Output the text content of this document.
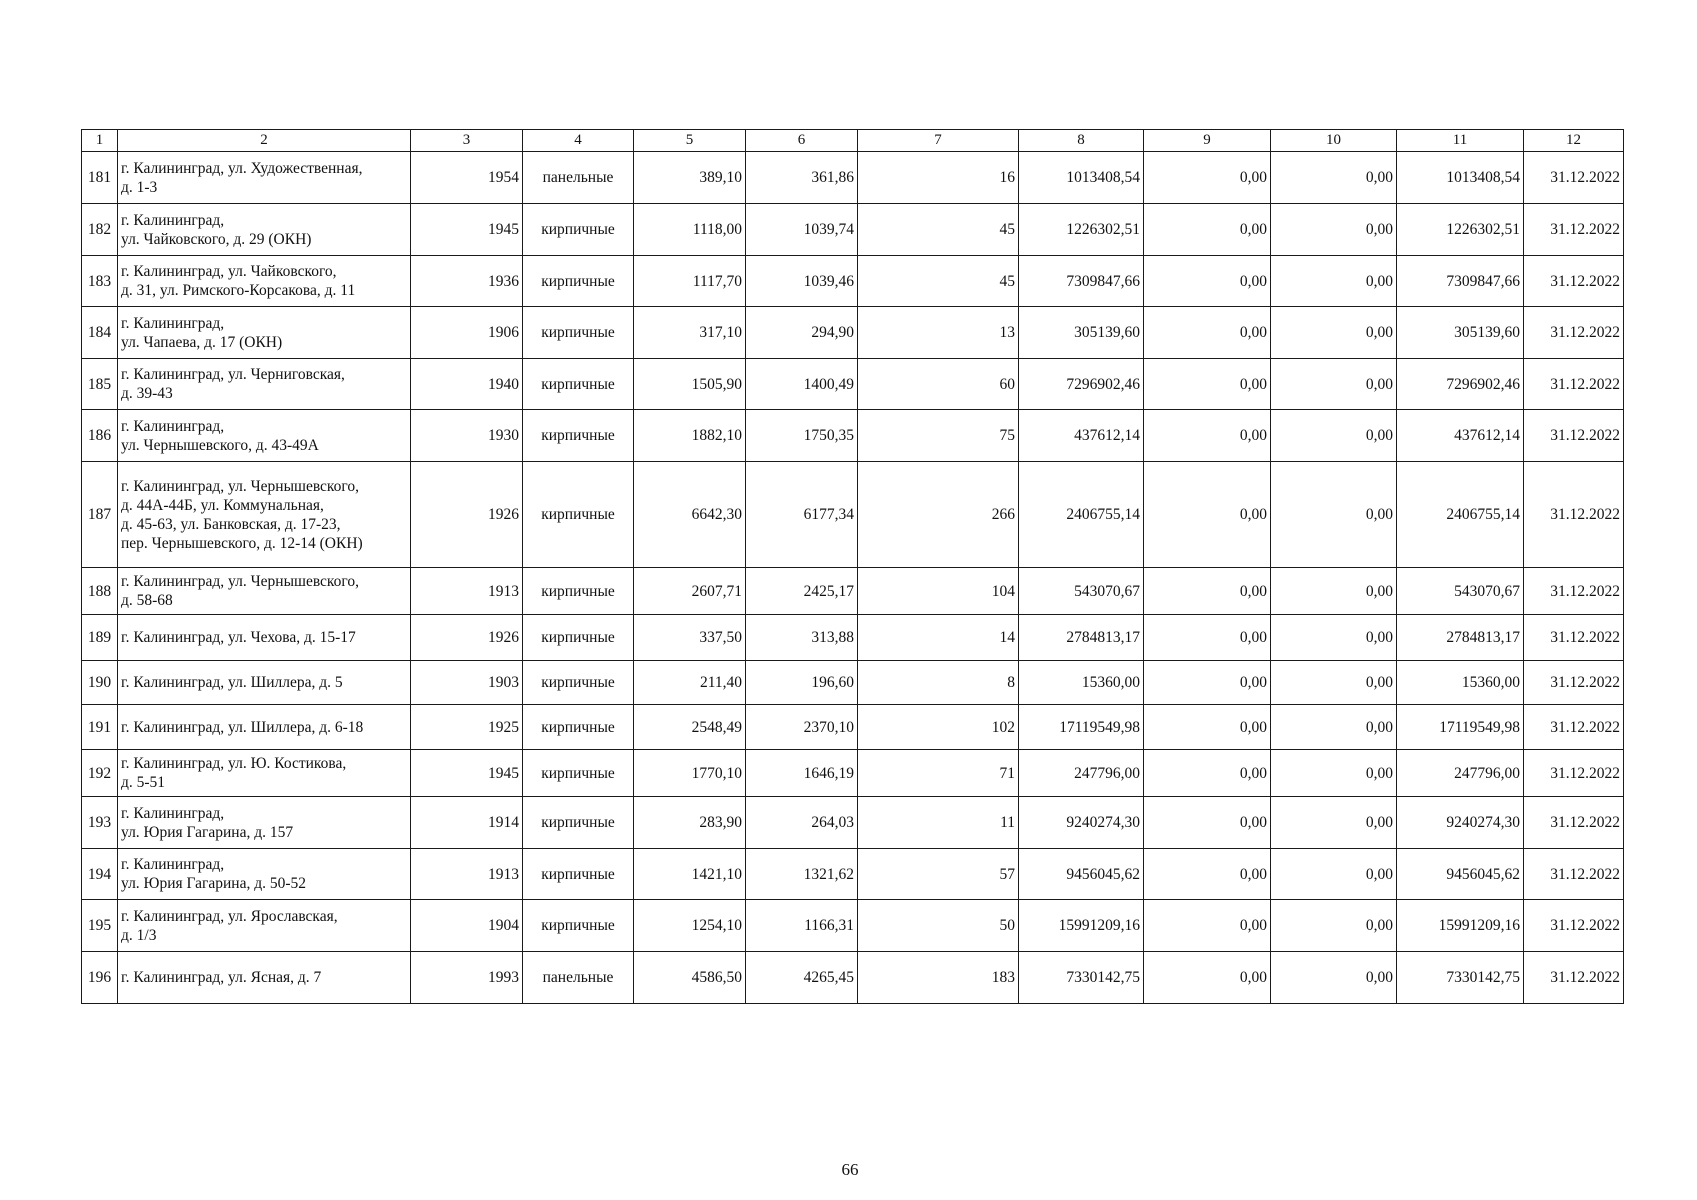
1	2	3	4	5	6	7	8	9	10	11	12
181	г. Калининград, ул. Художественная,
д. 1-3	1954	панельные	389,10	361,86	16	1013408,54	0,00	0,00	1013408,54	31.12.2022
182	г. Калининград,
ул. Чайковского, д. 29 (ОКН)	1945	кирпичные	1118,00	1039,74	45	1226302,51	0,00	0,00	1226302,51	31.12.2022
183	г. Калининград, ул. Чайковского,
д. 31, ул. Римского-Корсакова, д. 11	1936	кирпичные	1117,70	1039,46	45	7309847,66	0,00	0,00	7309847,66	31.12.2022
184	г. Калининград,
ул. Чапаева, д. 17 (ОКН)	1906	кирпичные	317,10	294,90	13	305139,60	0,00	0,00	305139,60	31.12.2022
185	г. Калининград, ул. Черниговская,
д. 39-43	1940	кирпичные	1505,90	1400,49	60	7296902,46	0,00	0,00	7296902,46	31.12.2022
186	г. Калининград,
ул. Чернышевского, д. 43-49А	1930	кирпичные	1882,10	1750,35	75	437612,14	0,00	0,00	437612,14	31.12.2022
187	г. Калининград, ул. Чернышевского,
д. 44А-44Б, ул. Коммунальная,
д. 45-63, ул. Банковская, д. 17-23,
пер. Чернышевского, д. 12-14 (ОКН)	1926	кирпичные	6642,30	6177,34	266	2406755,14	0,00	0,00	2406755,14	31.12.2022
188	г. Калининград, ул. Чернышевского,
д. 58-68	1913	кирпичные	2607,71	2425,17	104	543070,67	0,00	0,00	543070,67	31.12.2022
189	г. Калининград, ул. Чехова, д. 15-17	1926	кирпичные	337,50	313,88	14	2784813,17	0,00	0,00	2784813,17	31.12.2022
190	г. Калининград, ул. Шиллера, д. 5	1903	кирпичные	211,40	196,60	8	15360,00	0,00	0,00	15360,00	31.12.2022
191	г. Калининград, ул. Шиллера, д. 6-18	1925	кирпичные	2548,49	2370,10	102	17119549,98	0,00	0,00	17119549,98	31.12.2022
192	г. Калининград, ул. Ю. Костикова,
д. 5-51	1945	кирпичные	1770,10	1646,19	71	247796,00	0,00	0,00	247796,00	31.12.2022
193	г. Калининград,
ул. Юрия Гагарина, д. 157	1914	кирпичные	283,90	264,03	11	9240274,30	0,00	0,00	9240274,30	31.12.2022
194	г. Калининград,
ул. Юрия Гагарина, д. 50-52	1913	кирпичные	1421,10	1321,62	57	9456045,62	0,00	0,00	9456045,62	31.12.2022
195	г. Калининград, ул. Ярославская,
д. 1/3	1904	кирпичные	1254,10	1166,31	50	15991209,16	0,00	0,00	15991209,16	31.12.2022
196	г. Калининград, ул. Ясная, д. 7	1993	панельные	4586,50	4265,45	183	7330142,75	0,00	0,00	7330142,75	31.12.2022
66
